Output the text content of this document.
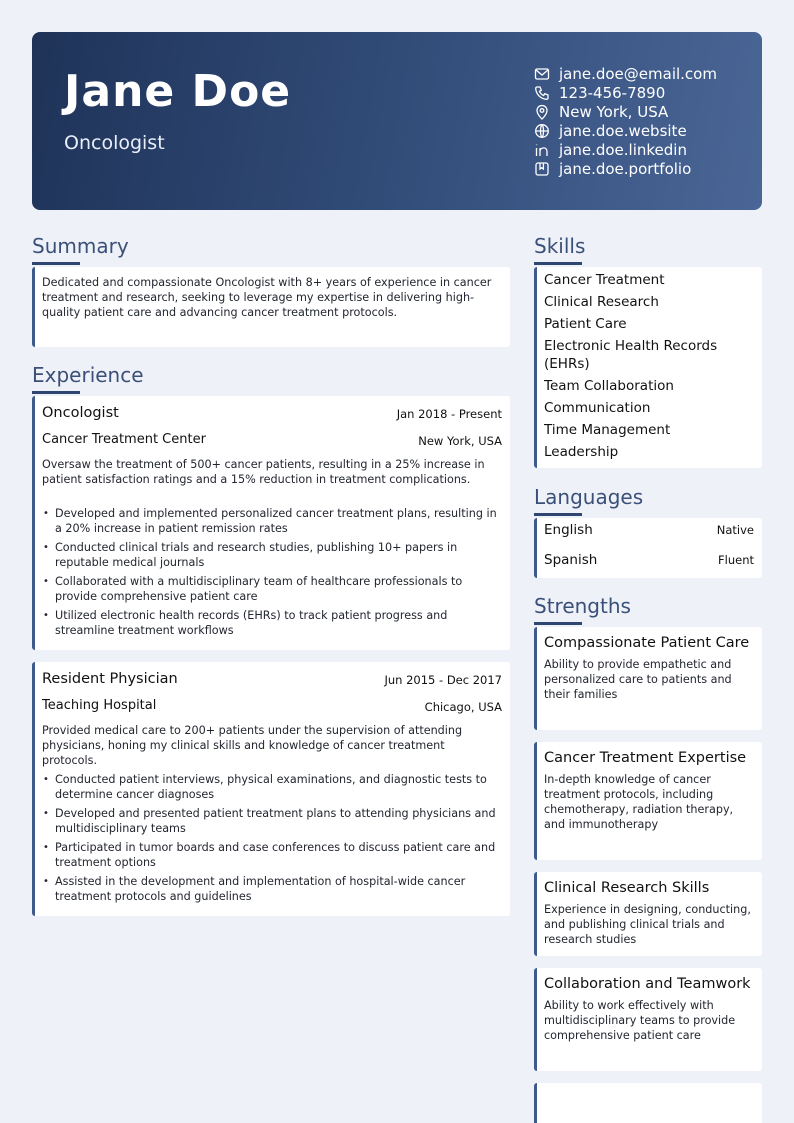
Jane Doe
Oncologist
jane.doe@email.com
123-456-7890
New York, USA
jane.doe.website
jane.doe.linkedin
jane.doe.portfolio
Summary
Dedicated and compassionate Oncologist with 8+ years of experience in cancer treatment and research, seeking to leverage my expertise in delivering high-quality patient care and advancing cancer treatment protocols.
Experience
Oncologist	Jan 2018 - Present
Cancer Treatment Center	New York, USA
Oversaw the treatment of 500+ cancer patients, resulting in a 25% increase in patient satisfaction ratings and a 15% reduction in treatment complications.
• Developed and implemented personalized cancer treatment plans, resulting in a 20% increase in patient remission rates
• Conducted clinical trials and research studies, publishing 10+ papers in reputable medical journals
• Collaborated with a multidisciplinary team of healthcare professionals to provide comprehensive patient care
• Utilized electronic health records (EHRs) to track patient progress and streamline treatment workflows
Resident Physician	Jun 2015 - Dec 2017
Teaching Hospital	Chicago, USA
Provided medical care to 200+ patients under the supervision of attending physicians, honing my clinical skills and knowledge of cancer treatment protocols.
• Conducted patient interviews, physical examinations, and diagnostic tests to determine cancer diagnoses
• Developed and presented patient treatment plans to attending physicians and multidisciplinary teams
• Participated in tumor boards and case conferences to discuss patient care and treatment options
• Assisted in the development and implementation of hospital-wide cancer treatment protocols and guidelines
Skills
Cancer Treatment
Clinical Research
Patient Care
Electronic Health Records (EHRs)
Team Collaboration
Communication
Time Management
Leadership
Languages
English	Native
Spanish	Fluent
Strengths
Compassionate Patient Care
Ability to provide empathetic and personalized care to patients and their families
Cancer Treatment Expertise
In-depth knowledge of cancer treatment protocols, including chemotherapy, radiation therapy, and immunotherapy
Clinical Research Skills
Experience in designing, conducting, and publishing clinical trials and research studies
Collaboration and Teamwork
Ability to work effectively with multidisciplinary teams to provide comprehensive patient care
